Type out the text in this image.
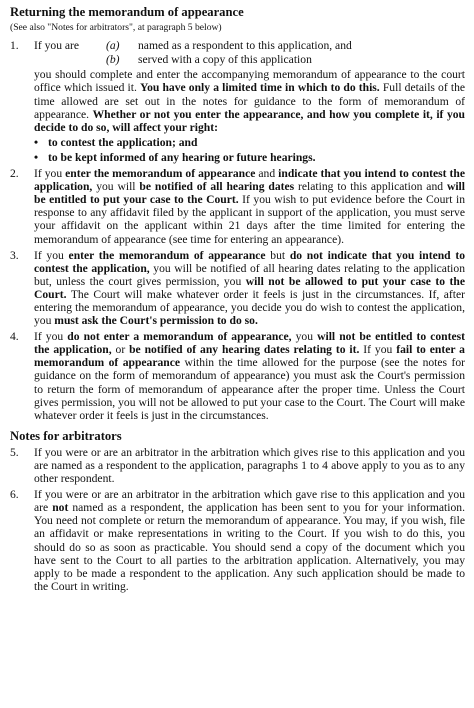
Returning the memorandum of appearance
(See also "Notes for arbitrators", at paragraph 5 below)
1.	If you are	(a)	named as a respondent to this application, and
(b)	served with a copy of this application

you should complete and enter the accompanying memorandum of appearance to the court office which issued it. You have only a limited time in which to do this. Full details of the time allowed are set out in the notes for guidance to the form of memorandum of appearance. Whether or not you enter the appearance, and how you complete it, if you decide to do so, will affect your right:

• to contest the application; and
• to be kept informed of any hearing or future hearings.
2.	If you enter the memorandum of appearance and indicate that you intend to contest the application, you will be notified of all hearing dates relating to this application and will be entitled to put your case to the Court. If you wish to put evidence before the Court in response to any affidavit filed by the applicant in support of the application, you must serve your affidavit on the applicant within 21 days after the time limited for entering the memorandum of appearance (see time for entering an appearance).

3.	If you enter the memorandum of appearance but do not indicate that you intend to contest the application, you will be notified of all hearing dates relating to the application but, unless the court gives permission, you will not be allowed to put your case to the Court. The Court will make whatever order it feels is just in the circumstances. If, after entering the memorandum of appearance, you decide you do wish to contest the application, you must ask the Court's permission to do so.

4.	If you do not enter a memorandum of appearance, you will not be entitled to contest the application, or be notified of any hearing dates relating to it. If you fail to enter a memorandum of appearance within the time allowed for the purpose (see the notes for guidance on the form of memorandum of appearance) you must ask the Court's permission to return the form of memorandum of appearance after the proper time. Unless the Court gives permission, you will not be allowed to put your case to the Court. The Court will make whatever order it feels is just in the circumstances.

Notes for arbitrators
5.	If you were or are an arbitrator in the arbitration which gives rise to this application and you are named as a respondent to the application, paragraphs 1 to 4 above apply to you as to any other respondent.

6.	If you were or are an arbitrator in the arbitration which gave rise to this application and you are not named as a respondent, the application has been sent to you for your information. You need not complete or return the memorandum of appearance. You may, if you wish, file an affidavit or make representations in writing to the Court. If you wish to do this, you should do so as soon as practicable. You should send a copy of the document which you have sent to the Court to all parties to the arbitration application. Alternatively, you may apply to be made a respondent to the application. Any such application should be made to the Court in writing.
